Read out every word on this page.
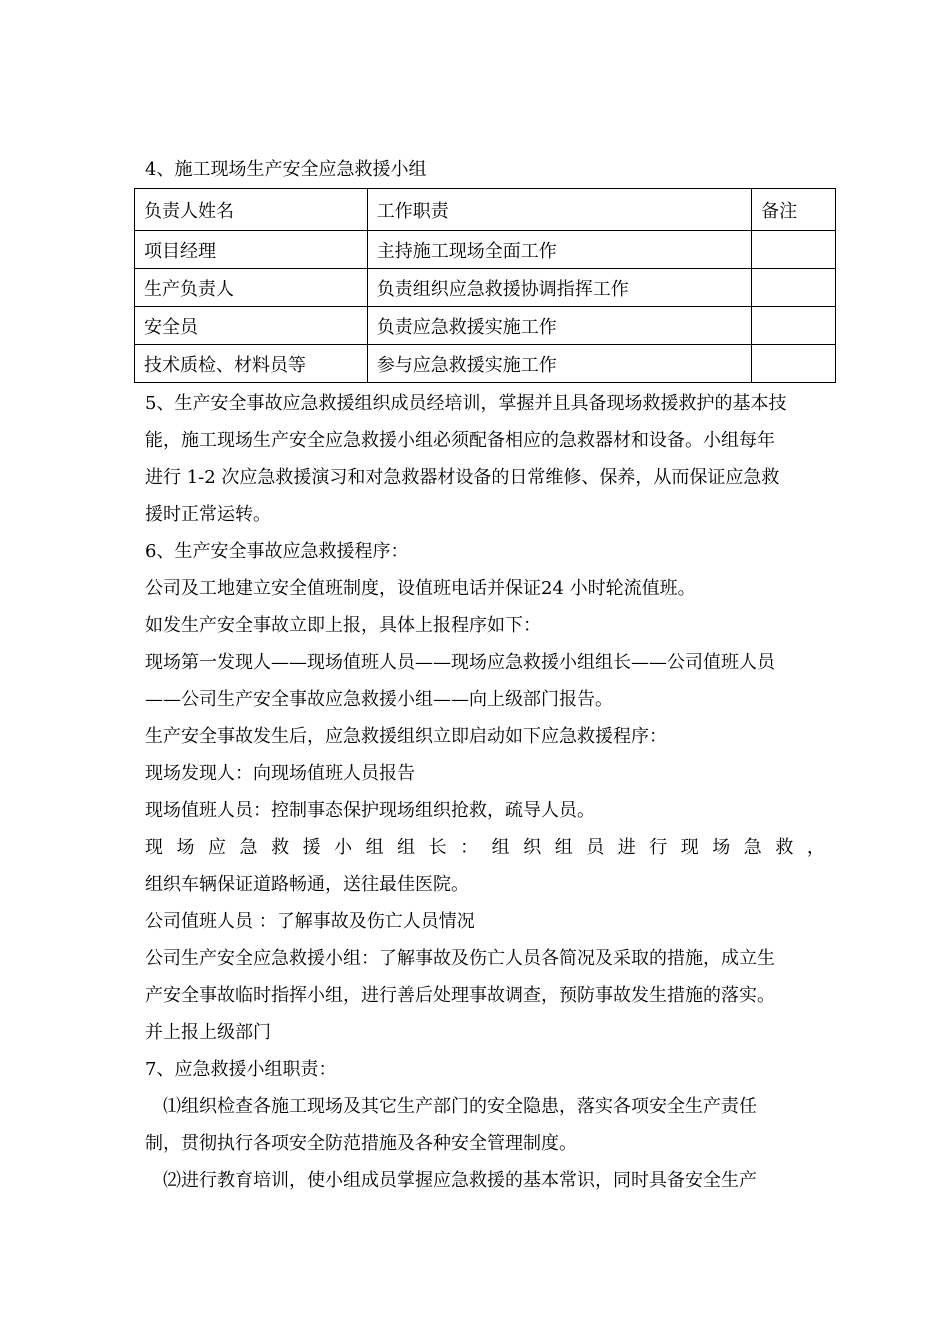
4、施工现场生产安全应急救援小组
负责人姓名	工作职责	备注
项目经理	主持施工现场全面工作	
生产负责人	负责组织应急救援协调指挥工作	
安全员	负责应急救援实施工作	
技术质检、材料员等	参与应急救援实施工作	
5、生产安全事故应急救援组织成员经培训，掌握并且具备现场救援救护的基本技
能，施工现场生产安全应急救援小组必须配备相应的急救器材和设备。小组每年
进行 1-2 次应急救援演习和对急救器材设备的日常维修、保养，从而保证应急救
援时正常运转。
6、生产安全事故应急救援程序：
公司及工地建立安全值班制度，设值班电话并保证24 小时轮流值班。
如发生产安全事故立即上报，具体上报程序如下：
现场第一发现人——现场值班人员——现场应急救援小组组长——公司值班人员
——公司生产安全事故应急救援小组——向上级部门报告。
生产安全事故发生后，应急救援组织立即启动如下应急救援程序：
现场发现人：向现场值班人员报告
现场值班人员：控制事态保护现场组织抢救，疏导人员。
现 场 应 急 救 援 小 组 组 长 ： 组 织 组 员 进 行 现 场 急 救 ，
组织车辆保证道路畅通，送往最佳医院。
公司值班人员 ：了解事故及伤亡人员情况
公司生产安全应急救援小组：了解事故及伤亡人员各简况及采取的措施，成立生
产安全事故临时指挥小组，进行善后处理事故调查，预防事故发生措施的落实。
并上报上级部门
7、应急救援小组职责：
⑴组织检查各施工现场及其它生产部门的安全隐患，落实各项安全生产责任
制，贯彻执行各项安全防范措施及各种安全管理制度。
⑵进行教育培训，使小组成员掌握应急救援的基本常识，同时具备安全生产
